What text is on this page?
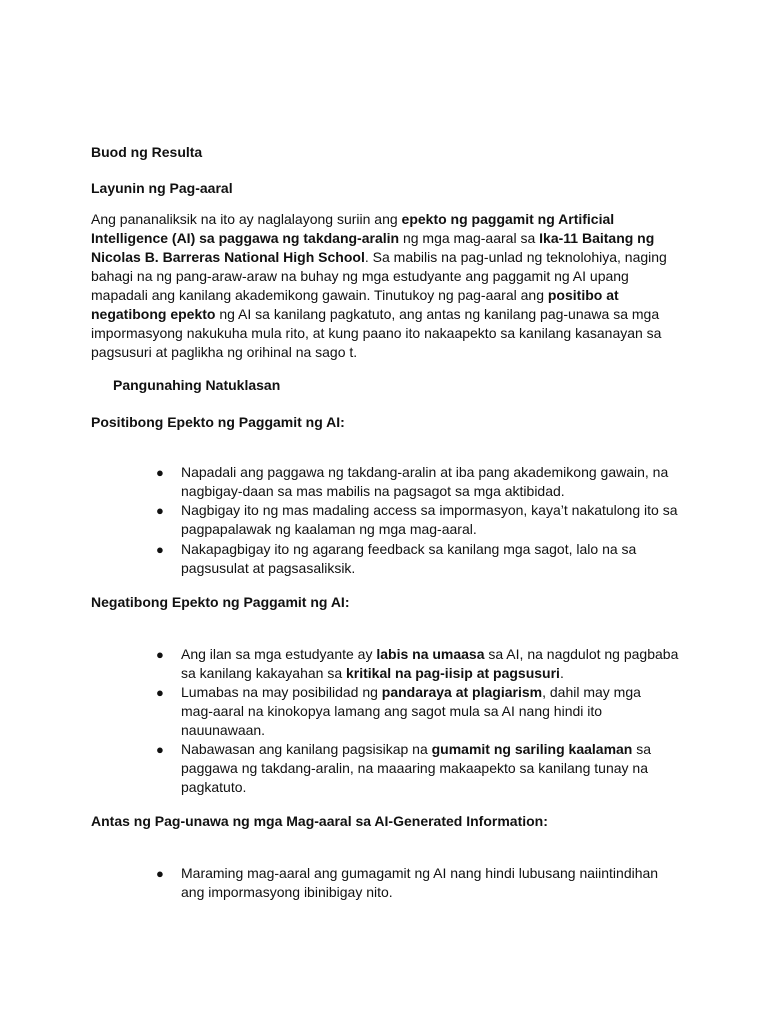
Buod ng Resulta
Layunin ng Pag-aaral
Ang pananaliksik na ito ay naglalayong suriin ang epekto ng paggamit ng Artificial
Intelligence (AI) sa paggawa ng takdang-aralin ng mga mag-aaral sa Ika-11 Baitang ng
Nicolas B. Barreras National High School. Sa mabilis na pag-unlad ng teknolohiya, naging
bahagi na ng pang-araw-araw na buhay ng mga estudyante ang paggamit ng AI upang
mapadali ang kanilang akademikong gawain. Tinutukoy ng pag-aaral ang positibo at
negatibong epekto ng AI sa kanilang pagkatuto, ang antas ng kanilang pag-unawa sa mga
impormasyong nakukuha mula rito, at kung paano ito nakaapekto sa kanilang kasanayan sa
pagsusuri at paglikha ng orihinal na sago t.
Pangunahing Natuklasan
Positibong Epekto ng Paggamit ng AI:
● Napadali ang paggawa ng takdang-aralin at iba pang akademikong gawain, na
nagbigay-daan sa mas mabilis na pagsagot sa mga aktibidad.
● Nagbigay ito ng mas madaling access sa impormasyon, kaya’t nakatulong ito sa
pagpapalawak ng kaalaman ng mga mag-aaral.
● Nakapagbigay ito ng agarang feedback sa kanilang mga sagot, lalo na sa
pagsusulat at pagsasaliksik.
Negatibong Epekto ng Paggamit ng AI:
● Ang ilan sa mga estudyante ay labis na umaasa sa AI, na nagdulot ng pagbaba
sa kanilang kakayahan sa kritikal na pag-iisip at pagsusuri.
● Lumabas na may posibilidad ng pandaraya at plagiarism, dahil may mga
mag-aaral na kinokopya lamang ang sagot mula sa AI nang hindi ito
nauunawaan.
● Nabawasan ang kanilang pagsisikap na gumamit ng sariling kaalaman sa
paggawa ng takdang-aralin, na maaaring makaapekto sa kanilang tunay na
pagkatuto.
Antas ng Pag-unawa ng mga Mag-aaral sa AI-Generated Information:
● Maraming mag-aaral ang gumagamit ng AI nang hindi lubusang naiintindihan
ang impormasyong ibinibigay nito.
